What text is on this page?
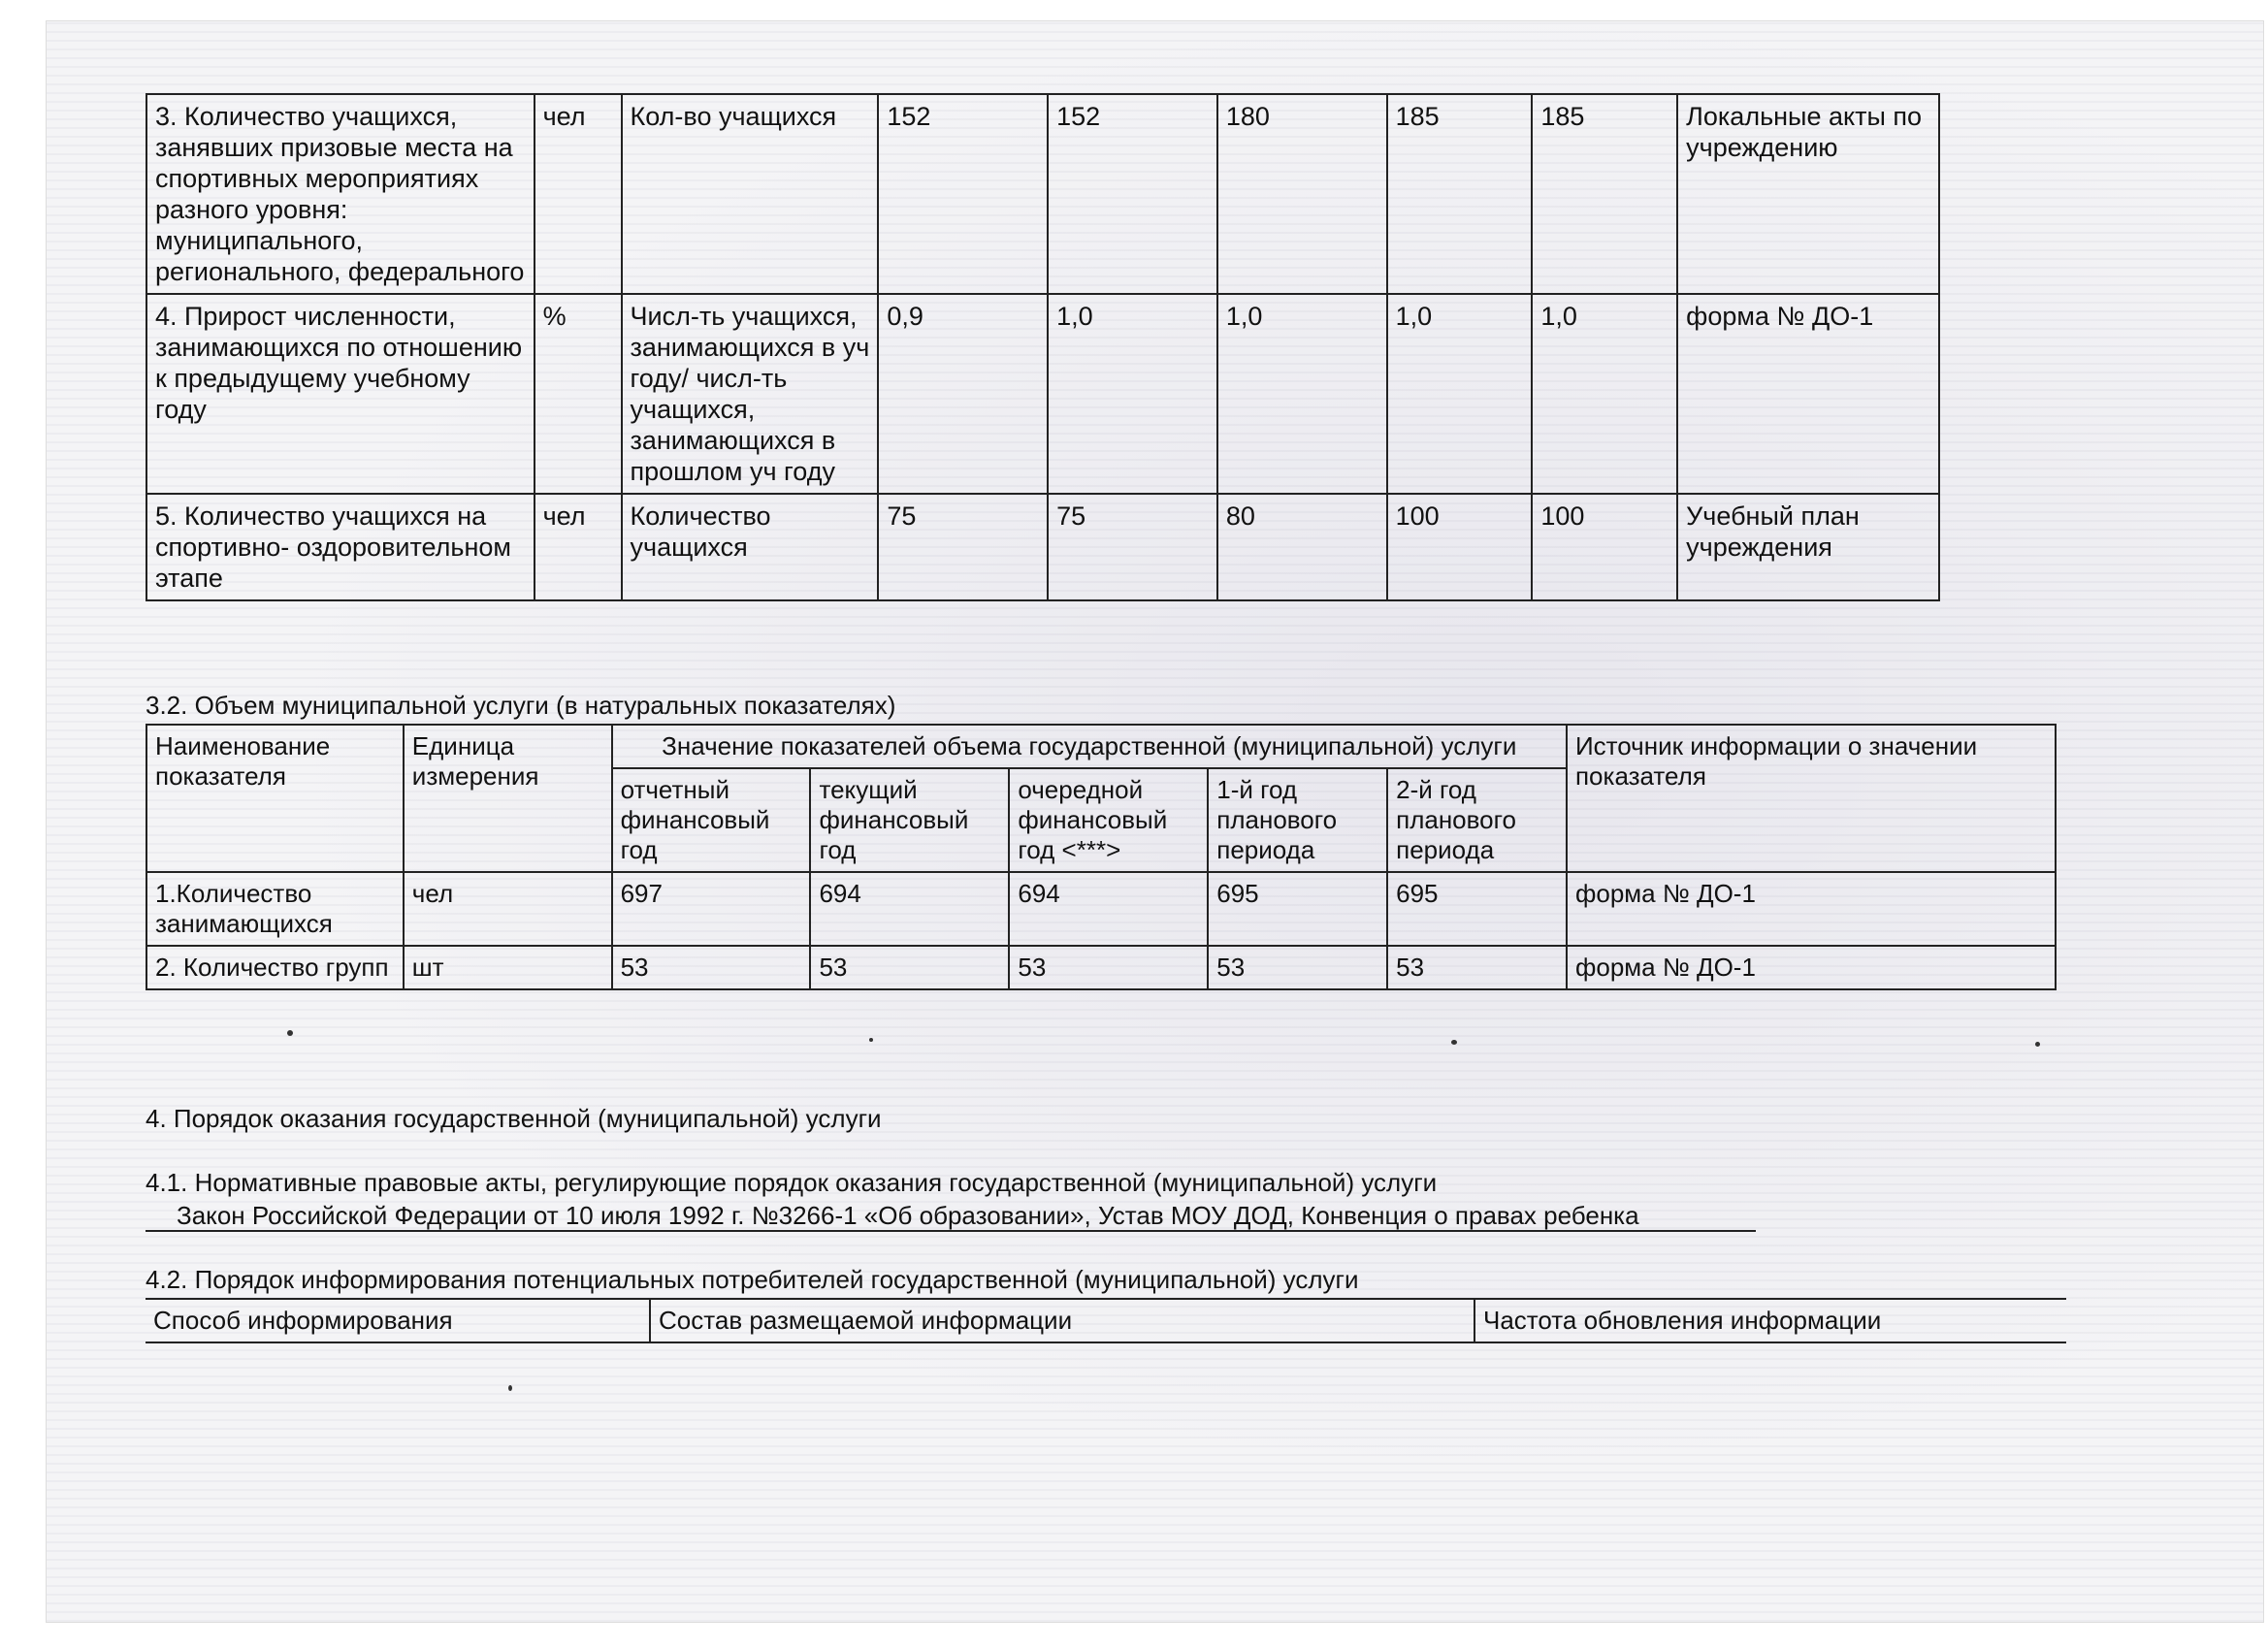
3. Количество учащихся, занявших призовые места на спортивных мероприятиях разного уровня: муниципального, регионального, федерального	чел	Кол-во учащихся	152	152	180	185	185	Локальные акты по учреждению
4. Прирост численности, занимающихся по отношению к предыдущему учебному году	%	Числ-ть учащихся, занимающихся в уч году/ числ-ть учащихся, занимающихся в прошлом уч году	0,9	1,0	1,0	1,0	1,0	форма № ДО-1
5. Количество учащихся на спортивно- оздоровительном этапе	чел	Количество учащихся	75	75	80	100	100	Учебный план учреждения
3.2. Объем муниципальной услуги (в натуральных показателях)
Наименование показателя	Единица измерения	Значение показателей объема государственной (муниципальной) услуги					Источник информации о значении показателя
		отчетный финансовый год	текущий финансовый год	очередной финансовый год <***>	1-й год планового периода	2-й год планового периода	
1.Количество занимающихся	чел	697	694	694	695	695	форма № ДО-1
2. Количество групп	шт	53	53	53	53	53	форма № ДО-1
4. Порядок оказания государственной (муниципальной) услуги
4.1. Нормативные правовые акты, регулирующие порядок оказания государственной (муниципальной) услуги
Закон Российской Федерации от 10 июля 1992 г. №3266-1 «Об образовании», Устав МОУ ДОД, Конвенция о правах ребенка
4.2. Порядок информирования потенциальных потребителей государственной (муниципальной) услуги
Способ информирования	Состав размещаемой информации	Частота обновления информации
